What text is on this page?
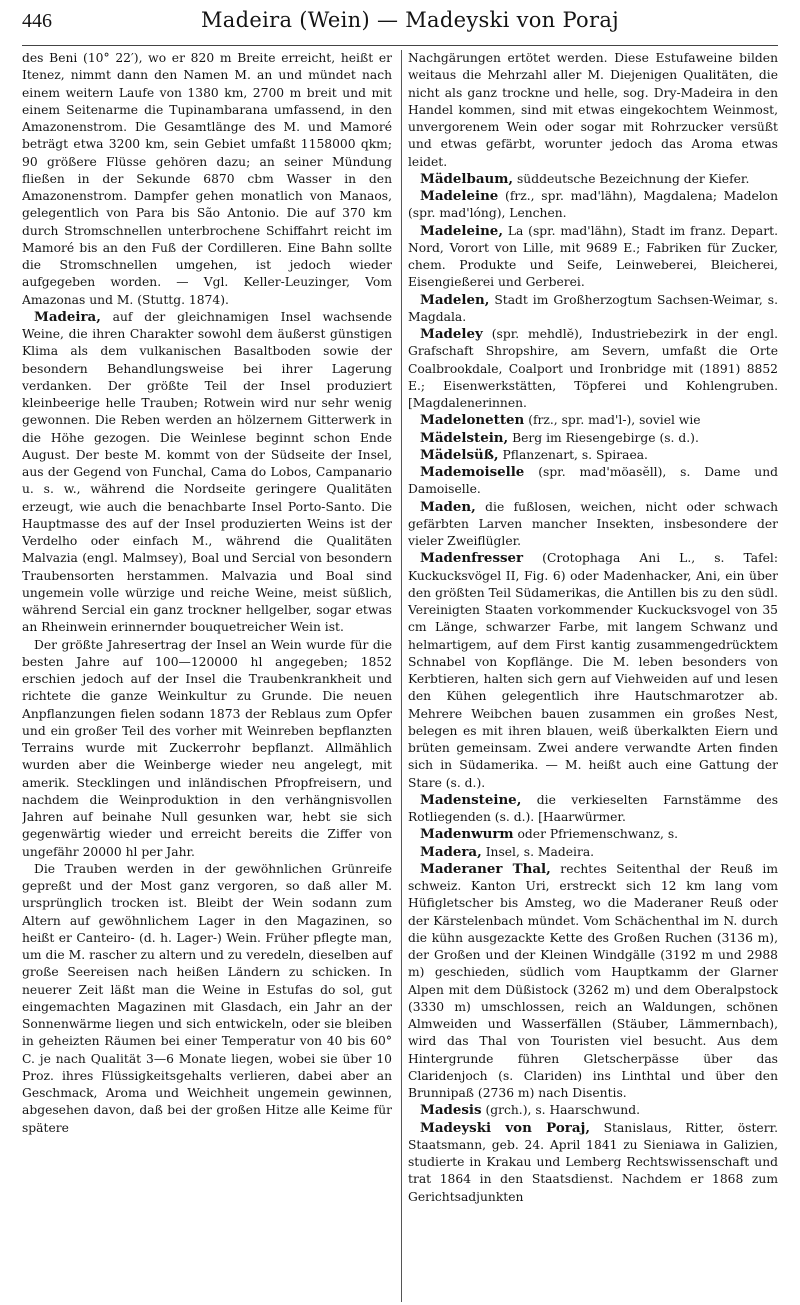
446	Madeira (Wein) — Madeyski von Poraj

des Beni (10° 22′), wo er 820 m Breite erreicht, heißt er Itenez, nimmt dann den Namen M. an und mündet nach einem weitern Laufe von 1380 km, 2700 m breit und mit einem Seitenarme die Tupinambarana umfassend, in den Amazonenstrom. Die Gesamtlänge des M. und Mamoré beträgt etwa 3200 km, sein Gebiet umfaßt 1158000 qkm; 90 größere Flüsse gehören dazu; an seiner Mündung fließen in der Sekunde 6870 cbm Wasser in den Amazonenstrom. Dampfer gehen monatlich von Manaos, gelegentlich von Para bis São Antonio. Die auf 370 km durch Stromschnellen unterbrochene Schiffahrt reicht im Mamoré bis an den Fuß der Cordilleren. Eine Bahn sollte die Stromschnellen umgehen, ist jedoch wieder aufgegeben worden. — Vgl. Keller-Leuzinger, Vom Amazonas und M. (Stuttg. 1874).

Madeira, auf der gleichnamigen Insel wachsende Weine, die ihren Charakter sowohl dem äußerst günstigen Klima als dem vulkanischen Basaltboden sowie der besondern Behandlungsweise bei ihrer Lagerung verdanken. Der größte Teil der Insel produziert kleinbeerige helle Trauben; Rotwein wird nur sehr wenig gewonnen. Die Reben werden an hölzernem Gitterwerk in die Höhe gezogen. Die Weinlese beginnt schon Ende August. Der beste M. kommt von der Südseite der Insel, aus der Gegend von Funchal, Cama do Lobos, Campanario u. s. w., während die Nordseite geringere Qualitäten erzeugt, wie auch die benachbarte Insel Porto-Santo. Die Hauptmasse des auf der Insel produzierten Weins ist der Verdelho oder einfach M., während die Qualitäten Malvazia (engl. Malmsey), Boal und Sercial von besondern Traubensorten herstammen. Malvazia und Boal sind ungemein volle würzige und reiche Weine, meist süßlich, während Sercial ein ganz trockner hellgelber, sogar etwas an Rheinwein erinnernder bouquetreicher Wein ist.

Der größte Jahresertrag der Insel an Wein wurde für die besten Jahre auf 100—120000 hl angegeben; 1852 erschien jedoch auf der Insel die Traubenkrankheit und richtete die ganze Weinkultur zu Grunde. Die neuen Anpflanzungen fielen sodann 1873 der Reblaus zum Opfer und ein großer Teil des vorher mit Weinreben bepflanzten Terrains wurde mit Zuckerrohr bepflanzt. Allmählich wurden aber die Weinberge wieder neu angelegt, mit amerik. Stecklingen und inländischen Pfropfreisern, und nachdem die Weinproduktion in den verhängnisvollen Jahren auf beinahe Null gesunken war, hebt sie sich gegenwärtig wieder und erreicht bereits die Ziffer von ungefähr 20000 hl per Jahr.

Die Trauben werden in der gewöhnlichen Grünreife gepreßt und der Most ganz vergoren, so daß aller M. ursprünglich trocken ist. Bleibt der Wein sodann zum Altern auf gewöhnlichem Lager in den Magazinen, so heißt er Canteiro- (d. h. Lager-) Wein. Früher pflegte man, um die M. rascher zu altern und zu veredeln, dieselben auf große Seereisen nach heißen Ländern zu schicken. In neuerer Zeit läßt man die Weine in Estufas do sol, gut eingemachten Magazinen mit Glasdach, ein Jahr an der Sonnenwärme liegen und sich entwickeln, oder sie bleiben in geheizten Räumen bei einer Temperatur von 40 bis 60° C. je nach Qualität 3—6 Monate liegen, wobei sie über 10 Proz. ihres Flüssigkeitsgehalts verlieren, dabei aber an Geschmack, Aroma und Weichheit ungemein gewinnen, abgesehen davon, daß bei der großen Hitze alle Keime für spätere

Nachgärungen ertötet werden. Diese Estufaweine bilden weitaus die Mehrzahl aller M. Diejenigen Qualitäten, die nicht als ganz trockne und helle, sog. Dry-Madeira in den Handel kommen, sind mit etwas eingekochtem Weinmost, unvergorenem Wein oder sogar mit Rohrzucker versüßt und etwas gefärbt, worunter jedoch das Aroma etwas leidet.

Mädelbaum, süddeutsche Bezeichnung der Kiefer.

Madeleine (frz., spr. mad'lähn), Magdalena; Madelon (spr. mad'lóng), Lenchen.

Madeleine, La (spr. mad'lähn), Stadt im franz. Depart. Nord, Vorort von Lille, mit 9689 E.; Fabriken für Zucker, chem. Produkte und Seife, Leinweberei, Bleicherei, Eisengießerei und Gerberei.

Madelen, Stadt im Großherzogtum Sachsen-Weimar, s. Magdala.

Madeley (spr. mehdlĕ), Industriebezirk in der engl. Grafschaft Shropshire, am Severn, umfaßt die Orte Coalbrookdale, Coalport und Ironbridge mit (1891) 8852 E.; Eisenwerkstätten, Töpferei und Kohlengruben. [Magdalenerinnen.

Madelonetten (frz., spr. mad'l-), soviel wie

Mädelstein, Berg im Riesengebirge (s. d.).

Mädelsüß, Pflanzenart, s. Spiraea.

Mademoiselle (spr. mad'möasĕll), s. Dame und Damoiselle.

Maden, die fußlosen, weichen, nicht oder schwach gefärbten Larven mancher Insekten, insbesondere der vieler Zweiflügler.

Madenfresser (Crotophaga Ani L., s. Tafel: Kuckucksvögel II, Fig. 6) oder Madenhacker, Ani, ein über den größten Teil Südamerikas, die Antillen bis zu den südl. Vereinigten Staaten vorkommender Kuckucksvogel von 35 cm Länge, schwarzer Farbe, mit langem Schwanz und helmartigem, auf dem First kantig zusammengedrücktem Schnabel von Kopflänge. Die M. leben besonders von Kerbtieren, halten sich gern auf Viehweiden auf und lesen den Kühen gelegentlich ihre Hautschmarotzer ab. Mehrere Weibchen bauen zusammen ein großes Nest, belegen es mit ihren blauen, weiß überkalkten Eiern und brüten gemeinsam. Zwei andere verwandte Arten finden sich in Südamerika. — M. heißt auch eine Gattung der Stare (s. d.).

Madensteine, die verkieselten Farnstämme des Rotliegenden (s. d.). [Haarwürmer.

Madenwurm oder Pfriemenschwanz, s.

Madera, Insel, s. Madeira.

Maderaner Thal, rechtes Seitenthal der Reuß im schweiz. Kanton Uri, erstreckt sich 12 km lang vom Hüfigletscher bis Amsteg, wo die Maderaner Reuß oder der Kärstelenbach mündet. Vom Schächenthal im N. durch die kühn ausgezackte Kette des Großen Ruchen (3136 m), der Großen und der Kleinen Windgälle (3192 m und 2988 m) geschieden, südlich vom Hauptkamm der Glarner Alpen mit dem Düßistock (3262 m) und dem Oberalpstock (3330 m) umschlossen, reich an Waldungen, schönen Almweiden und Wasserfällen (Stäuber, Lämmernbach), wird das Thal von Touristen viel besucht. Aus dem Hintergrunde führen Gletscherpässe über das Claridenjoch (s. Clariden) ins Linthtal und über den Brunnipaß (2736 m) nach Disentis.

Madesis (grch.), s. Haarschwund.

Madeyski von Poraj, Stanislaus, Ritter, österr. Staatsmann, geb. 24. April 1841 zu Sieniawa in Galizien, studierte in Krakau und Lemberg Rechtswissenschaft und trat 1864 in den Staatsdienst. Nachdem er 1868 zum Gerichtsadjunkten
